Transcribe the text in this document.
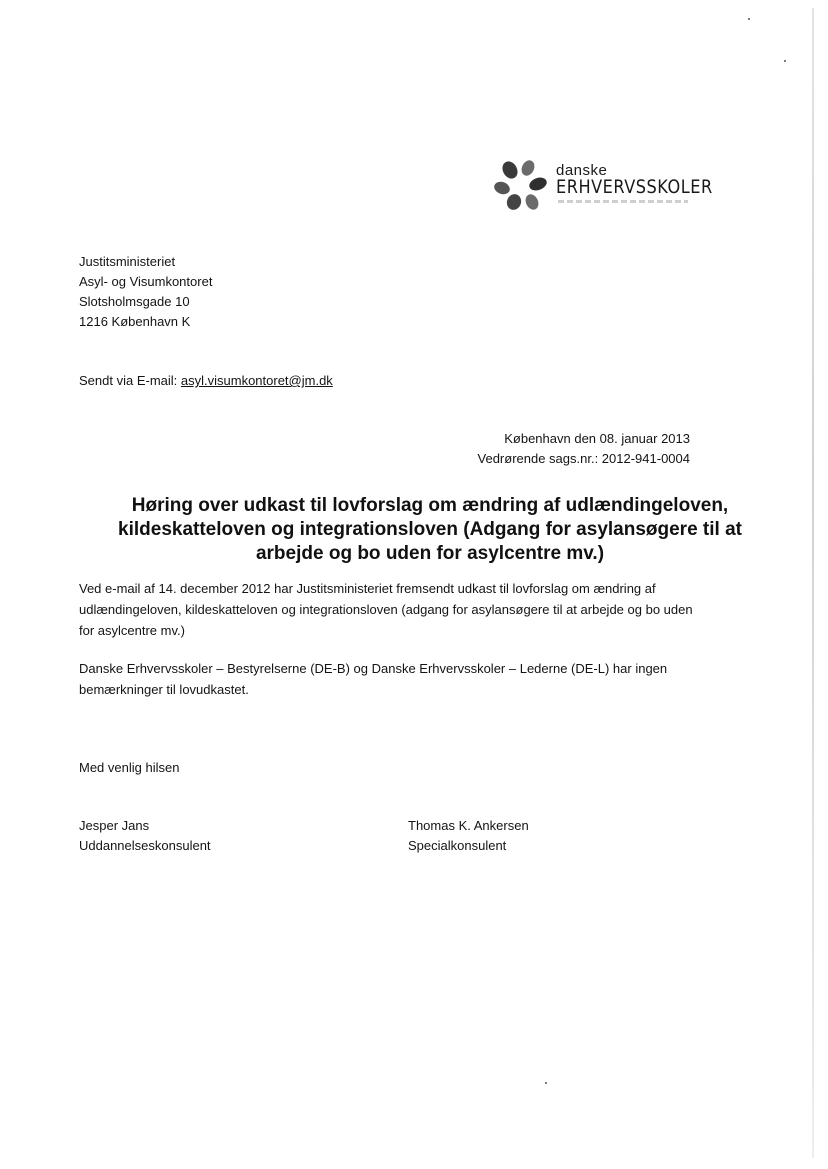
danske
ERHVERVSSKOLER
Justitsministeriet
Asyl- og Visumkontoret
Slotsholmsgade 10
1216 København K
Sendt via E-mail: asyl.visumkontoret@jm.dk
København den 08. januar 2013
Vedrørende sags.nr.: 2012-941-0004
Høring over udkast til lovforslag om ændring af udlændingeloven,
kildeskatteloven og integrationsloven (Adgang for asylansøgere til at
arbejde og bo uden for asylcentre mv.)
Ved e-mail af 14. december 2012 har Justitsministeriet fremsendt udkast til lovforslag om ændring af
udlændingeloven, kildeskatteloven og integrationsloven (adgang for asylansøgere til at arbejde og bo uden
for asylcentre mv.)
Danske Erhvervsskoler – Bestyrelserne (DE-B) og Danske Erhvervsskoler – Lederne (DE-L) har ingen
bemærkninger til lovudkastet.
Med venlig hilsen
Jesper Jans
Uddannelseskonsulent
Thomas K. Ankersen
Specialkonsulent
